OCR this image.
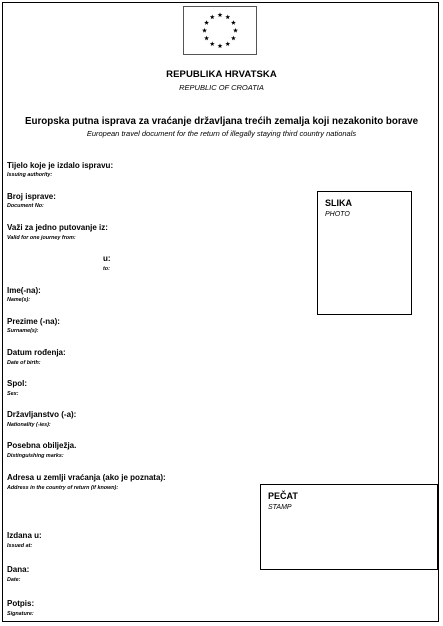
REPUBLIKA HRVATSKA
REPUBLIC OF CROATIA
Europska putna isprava za vraćanje državljana trećih zemalja koji nezakonito borave
European travel document for the return of illegally staying third country nationals
Tijelo koje je izdalo ispravu:
Issuing authority:
Broj isprave:
Document No:
Važi za jedno putovanje iz:
Valid for one journey from:
u:
to:
Ime(-na):
Name(s):
Prezime (-na):
Surname(s):
Datum rođenja:
Date of birth:
Spol:
Sex:
Državljanstvo (-a):
Nationality (-ies):
Posebna obilježja.
Distinguishing marks:
Adresa u zemlji vraćanja (ako je poznata):
Address in the country of return (if known):
Izdana u:
Issued at:
Dana:
Date:
Potpis:
Signature:
SLIKA
PHOTO
PEČAT
STAMP
